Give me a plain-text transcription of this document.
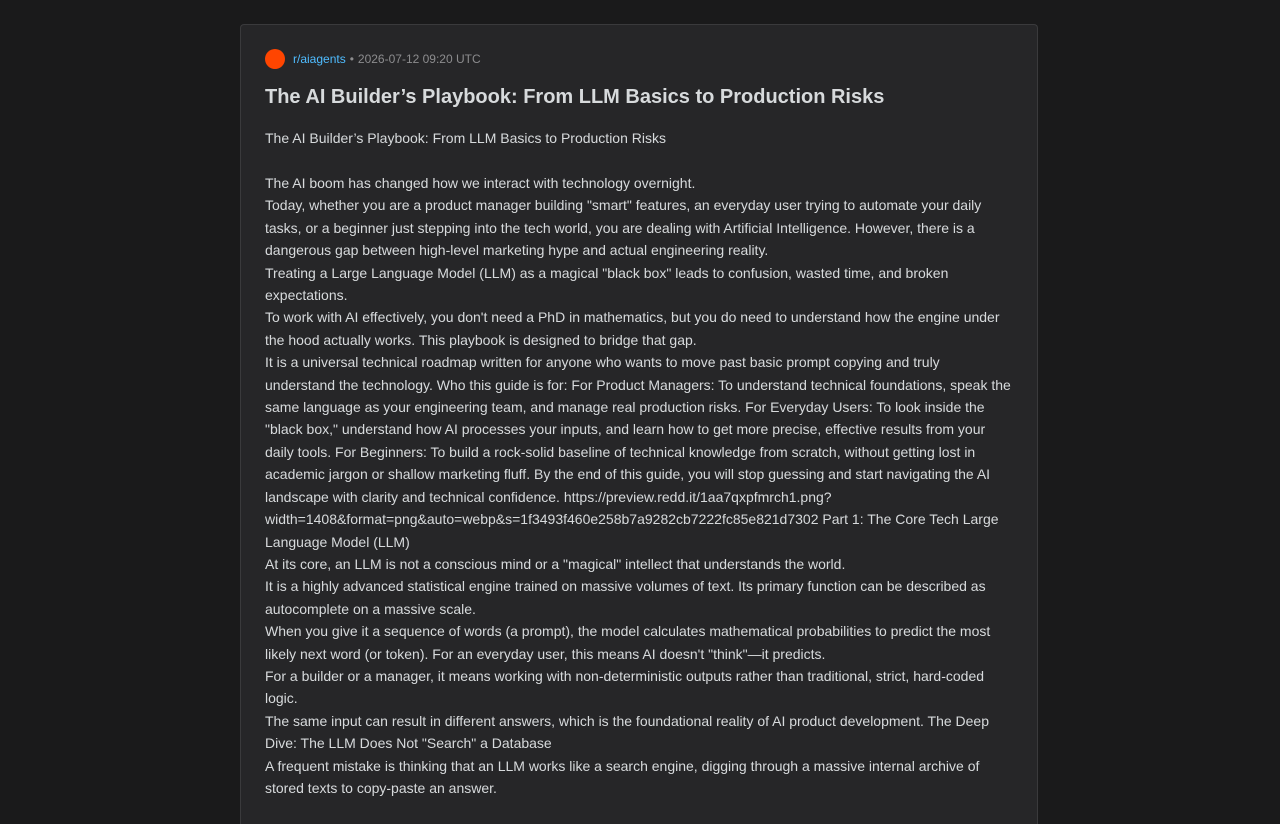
r/aiagents • 2026-07-12 09:20 UTC
The AI Builder’s Playbook: From LLM Basics to Production Risks

The AI Builder’s Playbook: From LLM Basics to Production Risks

The AI boom has changed how we interact with technology overnight.

Today, whether you are a product manager building "smart" features, an everyday user trying to automate your daily tasks, or a beginner just stepping into the tech world, you are dealing with Artificial Intelligence. However, there is a dangerous gap between high-level marketing hype and actual engineering reality.

Treating a Large Language Model (LLM) as a magical "black box" leads to confusion, wasted time, and broken expectations.

To work with AI effectively, you don't need a PhD in mathematics, but you do need to understand how the engine under the hood actually works. This playbook is designed to bridge that gap.

It is a universal technical roadmap written for anyone who wants to move past basic prompt copying and truly understand the technology. Who this guide is for: For Product Managers: To understand technical foundations, speak the same language as your engineering team, and manage real production risks. For Everyday Users: To look inside the "black box," understand how AI processes your inputs, and learn how to get more precise, effective results from your daily tools. For Beginners: To build a rock-solid baseline of technical knowledge from scratch, without getting lost in academic jargon or shallow marketing fluff. By the end of this guide, you will stop guessing and start navigating the AI landscape with clarity and technical confidence. https://preview.redd.it/1aa7qxpfmrch1.png?width=1408&format=png&auto=webp&s=1f3493f460e258b7a9282cb7222fc85e821d7302 Part 1: The Core Tech Large Language Model (LLM)

At its core, an LLM is not a conscious mind or a "magical" intellect that understands the world.

It is a highly advanced statistical engine trained on massive volumes of text. Its primary function can be described as autocomplete on a massive scale.

When you give it a sequence of words (a prompt), the model calculates mathematical probabilities to predict the most likely next word (or token). For an everyday user, this means AI doesn't "think"—it predicts.

For a builder or a manager, it means working with non-deterministic outputs rather than traditional, strict, hard-coded logic.

The same input can result in different answers, which is the foundational reality of AI product development. The Deep Dive: The LLM Does Not "Search" a Database

A frequent mistake is thinking that an LLM works like a search engine, digging through a massive internal archive of stored texts to copy-paste an answer.
